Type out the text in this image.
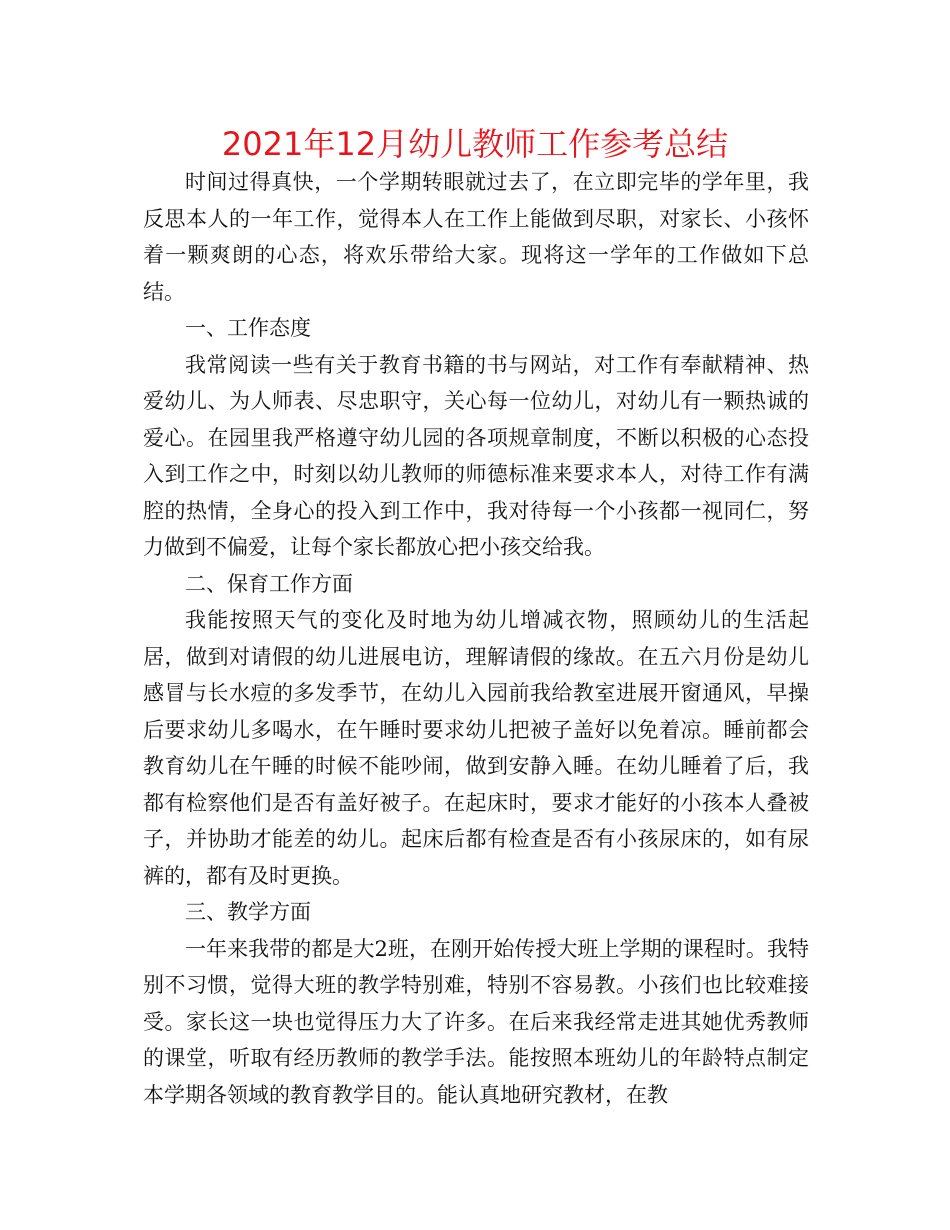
2021年12月幼儿教师工作参考总结

时间过得真快，一个学期转眼就过去了，在立即完毕的学年里，我反思本人的一年工作，觉得本人在工作上能做到尽职，对家长、小孩怀着一颗爽朗的心态，将欢乐带给大家。现将这一学年的工作做如下总结。

一、工作态度

我常阅读一些有关于教育书籍的书与网站，对工作有奉献精神、热爱幼儿、为人师表、尽忠职守，关心每一位幼儿，对幼儿有一颗热诚的爱心。在园里我严格遵守幼儿园的各项规章制度，不断以积极的心态投入到工作之中，时刻以幼儿教师的师德标准来要求本人，对待工作有满腔的热情，全身心的投入到工作中，我对待每一个小孩都一视同仁，努力做到不偏爱，让每个家长都放心把小孩交给我。

二、保育工作方面

我能按照天气的变化及时地为幼儿增减衣物，照顾幼儿的生活起居，做到对请假的幼儿进展电访，理解请假的缘故。在五六月份是幼儿感冒与长水痘的多发季节，在幼儿入园前我给教室进展开窗通风，早操后要求幼儿多喝水，在午睡时要求幼儿把被子盖好以免着凉。睡前都会教育幼儿在午睡的时候不能吵闹，做到安静入睡。在幼儿睡着了后，我都有检察他们是否有盖好被子。在起床时，要求才能好的小孩本人叠被子，并协助才能差的幼儿。起床后都有检查是否有小孩尿床的，如有尿裤的，都有及时更换。

三、教学方面

一年来我带的都是大2班，在刚开始传授大班上学期的课程时。我特别不习惯，觉得大班的教学特别难，特别不容易教。小孩们也比较难接受。家长这一块也觉得压力大了许多。在后来我经常走进其她优秀教师的课堂，听取有经历教师的教学手法。能按照本班幼儿的年龄特点制定本学期各领域的教育教学目的。能认真地研究教材，在教
